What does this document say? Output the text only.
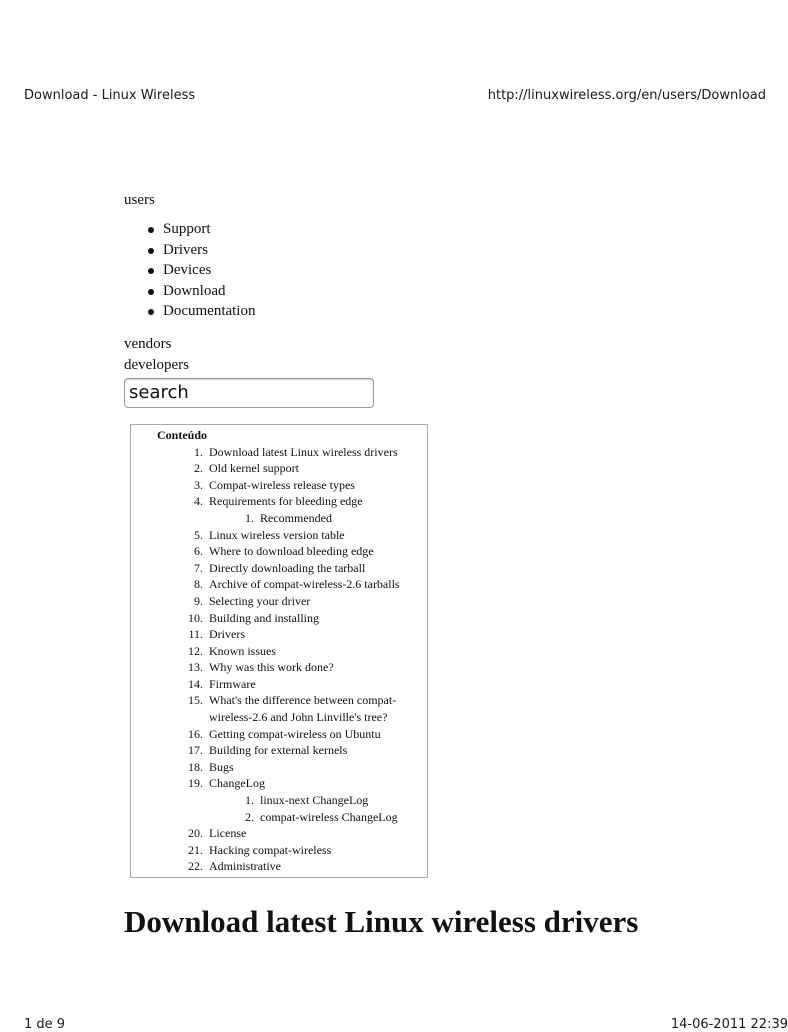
Download - Linux Wireless	http://linuxwireless.org/en/users/Download
users
Support
Drivers
Devices
Download
Documentation
vendors
developers
search
Conteúdo
1. Download latest Linux wireless drivers
2. Old kernel support
3. Compat-wireless release types
4. Requirements for bleeding edge
1. Recommended
5. Linux wireless version table
6. Where to download bleeding edge
7. Directly downloading the tarball
8. Archive of compat-wireless-2.6 tarballs
9. Selecting your driver
10. Building and installing
11. Drivers
12. Known issues
13. Why was this work done?
14. Firmware
15. What's the difference between compat-wireless-2.6 and John Linville's tree?
16. Getting compat-wireless on Ubuntu
17. Building for external kernels
18. Bugs
19. ChangeLog
1. linux-next ChangeLog
2. compat-wireless ChangeLog
20. License
21. Hacking compat-wireless
22. Administrative
Download latest Linux wireless drivers
1 de 9	14-06-2011 22:39
